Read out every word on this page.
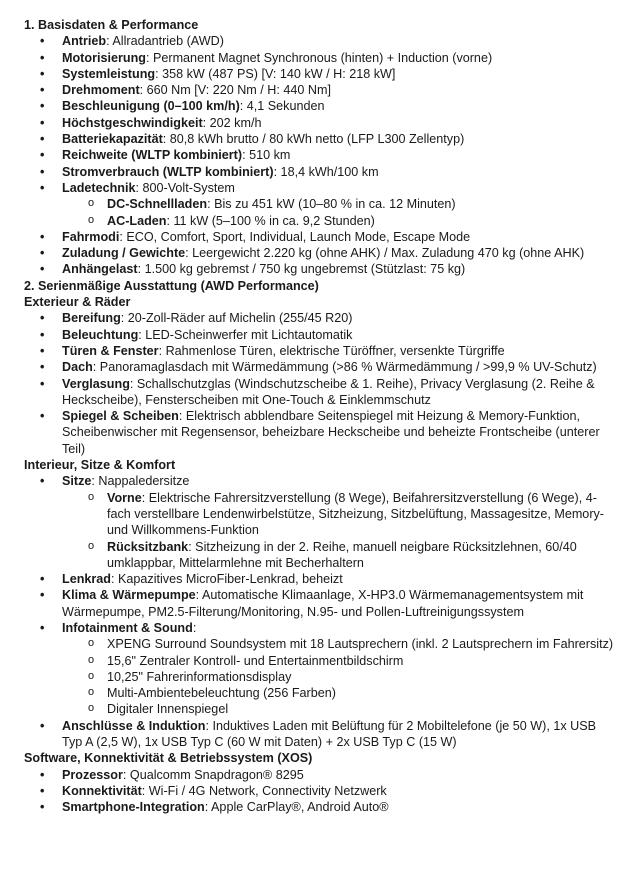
1. Basisdaten & Performance
• Antrieb: Allradantrieb (AWD)
• Motorisierung: Permanent Magnet Synchronous (hinten) + Induction (vorne)
• Systemleistung: 358 kW (487 PS) [V: 140 kW / H: 218 kW]
• Drehmoment: 660 Nm [V: 220 Nm / H: 440 Nm]
• Beschleunigung (0–100 km/h): 4,1 Sekunden
• Höchstgeschwindigkeit: 202 km/h
• Batteriekapazität: 80,8 kWh brutto / 80 kWh netto (LFP L300 Zellentyp)
• Reichweite (WLTP kombiniert): 510 km
• Stromverbrauch (WLTP kombiniert): 18,4 kWh/100 km
• Ladetechnik: 800-Volt-System
o DC-Schnellladen: Bis zu 451 kW (10–80 % in ca. 12 Minuten)
o AC-Laden: 11 kW (5–100 % in ca. 9,2 Stunden)
• Fahrmodi: ECO, Comfort, Sport, Individual, Launch Mode, Escape Mode
• Zuladung / Gewichte: Leergewicht 2.220 kg (ohne AHK) / Max. Zuladung 470 kg (ohne AHK)
• Anhängelast: 1.500 kg gebremst / 750 kg ungebremst (Stützlast: 75 kg)
2. Serienmäßige Ausstattung (AWD Performance)
Exterieur & Räder
• Bereifung: 20-Zoll-Räder auf Michelin (255/45 R20)
• Beleuchtung: LED-Scheinwerfer mit Lichtautomatik
• Türen & Fenster: Rahmenlose Türen, elektrische Türöffner, versenkte Türgriffe
• Dach: Panoramaglasdach mit Wärmedämmung (>86 % Wärmedämmung / >99,9 % UV-Schutz)
• Verglasung: Schallschutzglas (Windschutzscheibe & 1. Reihe), Privacy Verglasung (2. Reihe & Heckscheibe), Fensterscheiben mit One-Touch & Einklemmschutz
• Spiegel & Scheiben: Elektrisch abblendbare Seitenspiegel mit Heizung & Memory-Funktion, Scheibenwischer mit Regensensor, beheizbare Heckscheibe und beheizte Frontscheibe (unterer Teil)
Interieur, Sitze & Komfort
• Sitze: Nappaledersitze
o Vorne: Elektrische Fahrersitzverstellung (8 Wege), Beifahrersitzverstellung (6 Wege), 4-fach verstellbare Lendenwirbelstütze, Sitzheizung, Sitzbelüftung, Massagesitze, Memory- und Willkommens-Funktion
o Rücksitzbank: Sitzheizung in der 2. Reihe, manuell neigbare Rücksitzlehnen, 60/40 umklappbar, Mittelarmlehne mit Becherhaltern
• Lenkrad: Kapazitives MicroFiber-Lenkrad, beheizt
• Klima & Wärmepumpe: Automatische Klimaanlage, X-HP3.0 Wärmemanagementsystem mit Wärmepumpe, PM2.5-Filterung/Monitoring, N.95- und Pollen-Luftreinigungssystem
• Infotainment & Sound:
o XPENG Surround Soundsystem mit 18 Lautsprechern (inkl. 2 Lautsprechern im Fahrersitz)
o 15,6" Zentraler Kontroll- und Entertainmentbildschirm
o 10,25" Fahrerinformationsdisplay
o Multi-Ambientebeleuchtung (256 Farben)
o Digitaler Innenspiegel
• Anschlüsse & Induktion: Induktives Laden mit Belüftung für 2 Mobiltelefone (je 50 W), 1x USB Typ A (2,5 W), 1x USB Typ C (60 W mit Daten) + 2x USB Typ C (15 W)
Software, Konnektivität & Betriebssystem (XOS)
• Prozessor: Qualcomm Snapdragon® 8295
• Konnektivität: Wi-Fi / 4G Network, Connectivity Netzwerk
• Smartphone-Integration: Apple CarPlay®, Android Auto®
